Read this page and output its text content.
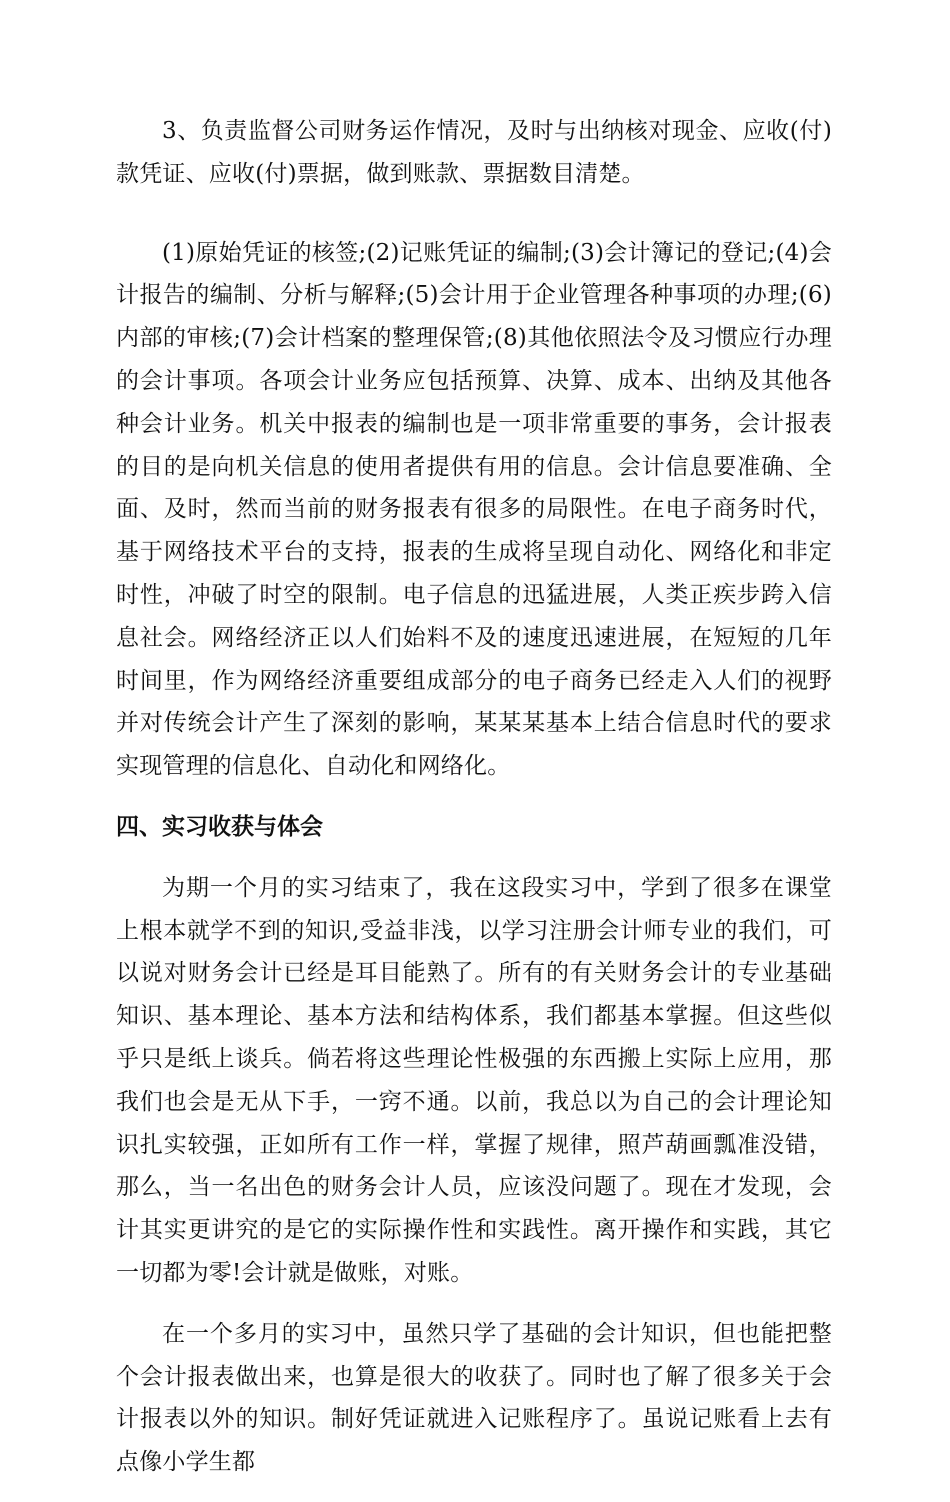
3、负责监督公司财务运作情况，及时与出纳核对现金、应收(付)款凭证、应收(付)票据，做到账款、票据数目清楚。

(1)原始凭证的核签;(2)记账凭证的编制;(3)会计簿记的登记;(4)会计报告的编制、分析与解释;(5)会计用于企业管理各种事项的办理;(6)内部的审核;(7)会计档案的整理保管;(8)其他依照法令及习惯应行办理的会计事项。各项会计业务应包括预算、决算、成本、出纳及其他各种会计业务。机关中报表的编制也是一项非常重要的事务，会计报表的目的是向机关信息的使用者提供有用的信息。会计信息要准确、全面、及时，然而当前的财务报表有很多的局限性。在电子商务时代，基于网络技术平台的支持，报表的生成将呈现自动化、网络化和非定时性，冲破了时空的限制。电子信息的迅猛进展，人类正疾步跨入信息社会。网络经济正以人们始料不及的速度迅速进展，在短短的几年时间里，作为网络经济重要组成部分的电子商务已经走入人们的视野并对传统会计产生了深刻的影响，某某某基本上结合信息时代的要求实现管理的信息化、自动化和网络化。

四、实习收获与体会

为期一个月的实习结束了，我在这段实习中，学到了很多在课堂上根本就学不到的知识,受益非浅，以学习注册会计师专业的我们，可以说对财务会计已经是耳目能熟了。所有的有关财务会计的专业基础知识、基本理论、基本方法和结构体系，我们都基本掌握。但这些似乎只是纸上谈兵。倘若将这些理论性极强的东西搬上实际上应用，那我们也会是无从下手，一窍不通。以前，我总以为自己的会计理论知识扎实较强，正如所有工作一样，掌握了规律，照芦葫画瓢准没错，那么，当一名出色的财务会计人员，应该没问题了。现在才发现，会计其实更讲究的是它的实际操作性和实践性。离开操作和实践，其它一切都为零!会计就是做账，对账。

在一个多月的实习中，虽然只学了基础的会计知识，但也能把整个会计报表做出来，也算是很大的收获了。同时也了解了很多关于会计报表以外的知识。制好凭证就进入记账程序了。虽说记账看上去有点像小学生都
